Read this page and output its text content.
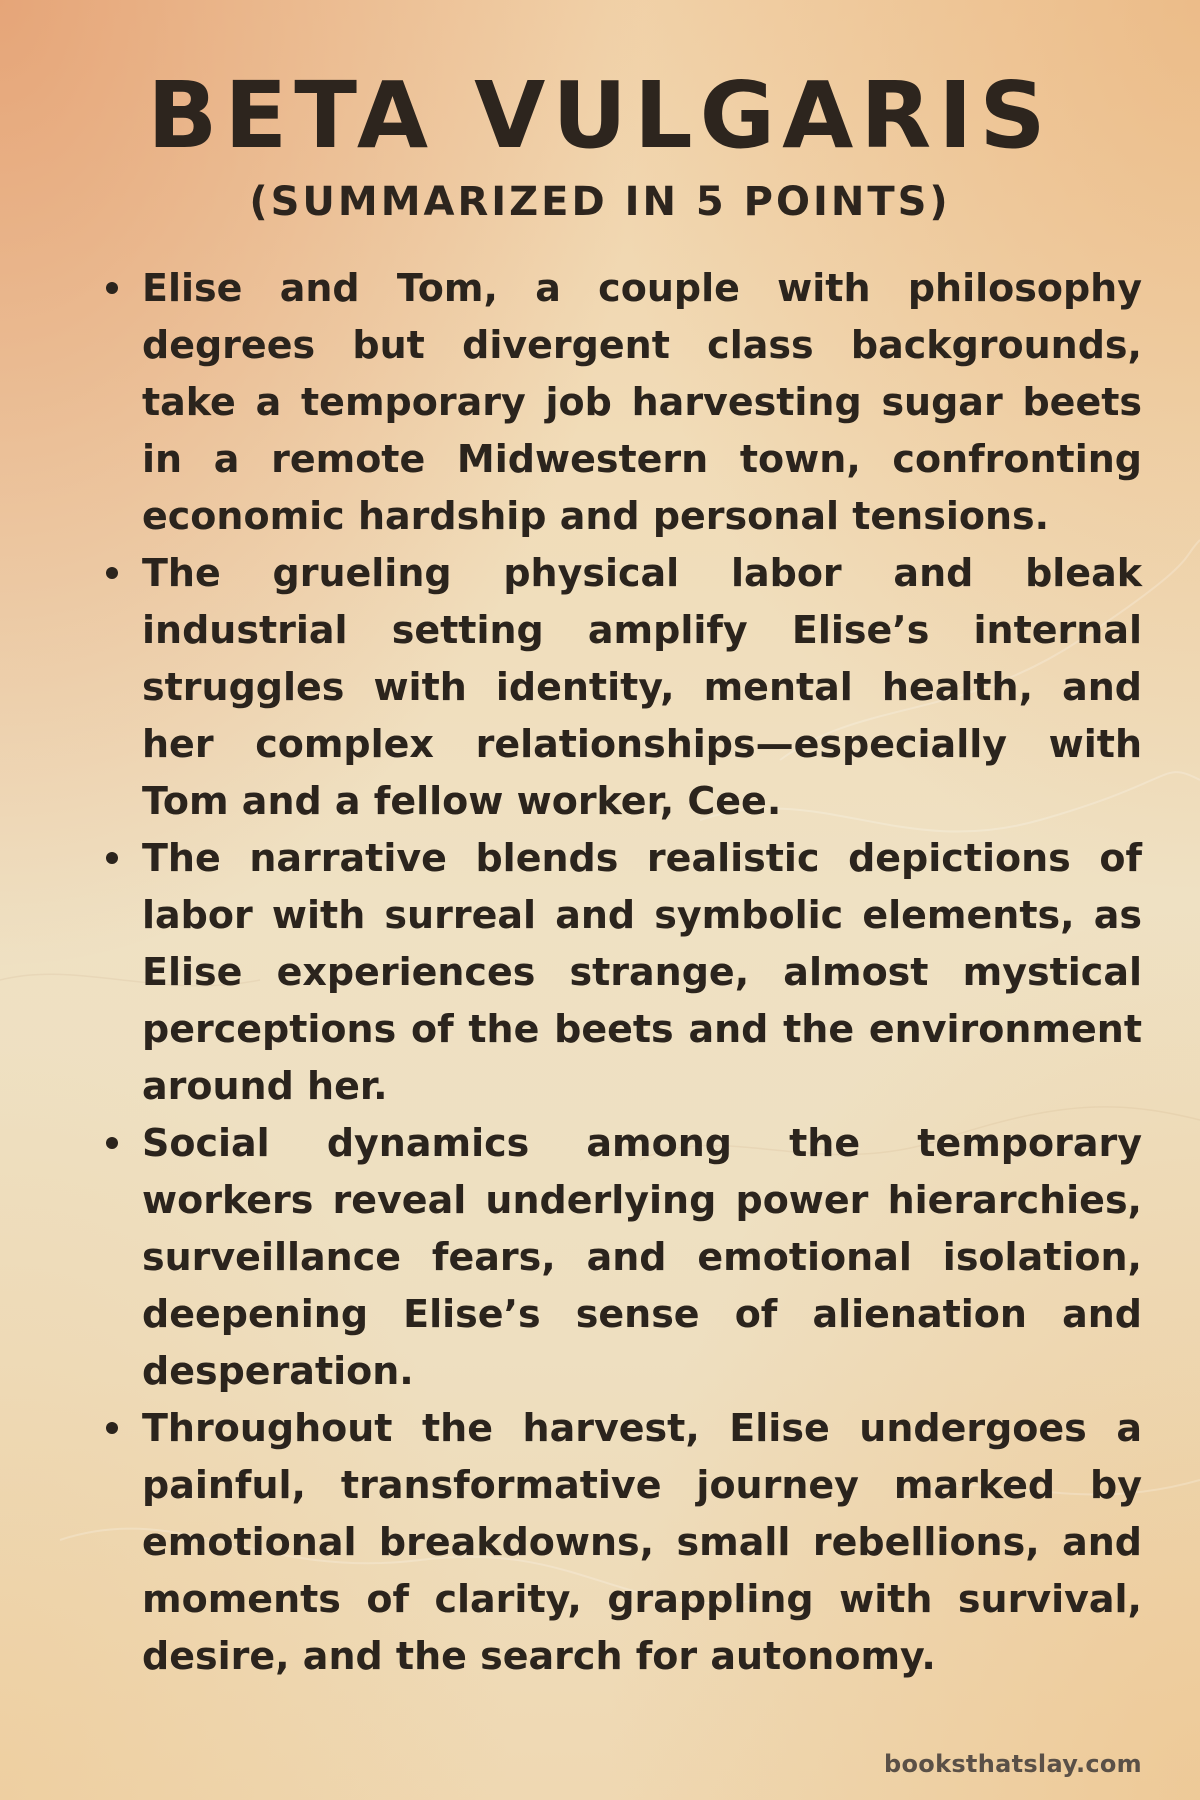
BETA VULGARIS
(SUMMARIZED IN 5 POINTS)
Elise and Tom, a couple with philosophy degrees but divergent class backgrounds, take a temporary job harvesting sugar beets in a remote Midwestern town, confronting economic hardship and personal tensions.
The grueling physical labor and bleak industrial setting amplify Elise’s internal struggles with identity, mental health, and her complex relationships—especially with Tom and a fellow worker, Cee.
The narrative blends realistic depictions of labor with surreal and symbolic elements, as Elise experiences strange, almost mystical perceptions of the beets and the environment around her.
Social dynamics among the temporary workers reveal underlying power hierarchies, surveillance fears, and emotional isolation, deepening Elise’s sense of alienation and desperation.
Throughout the harvest, Elise undergoes a painful, transformative journey marked by emotional breakdowns, small rebellions, and moments of clarity, grappling with survival, desire, and the search for autonomy.
booksthatslay.com
